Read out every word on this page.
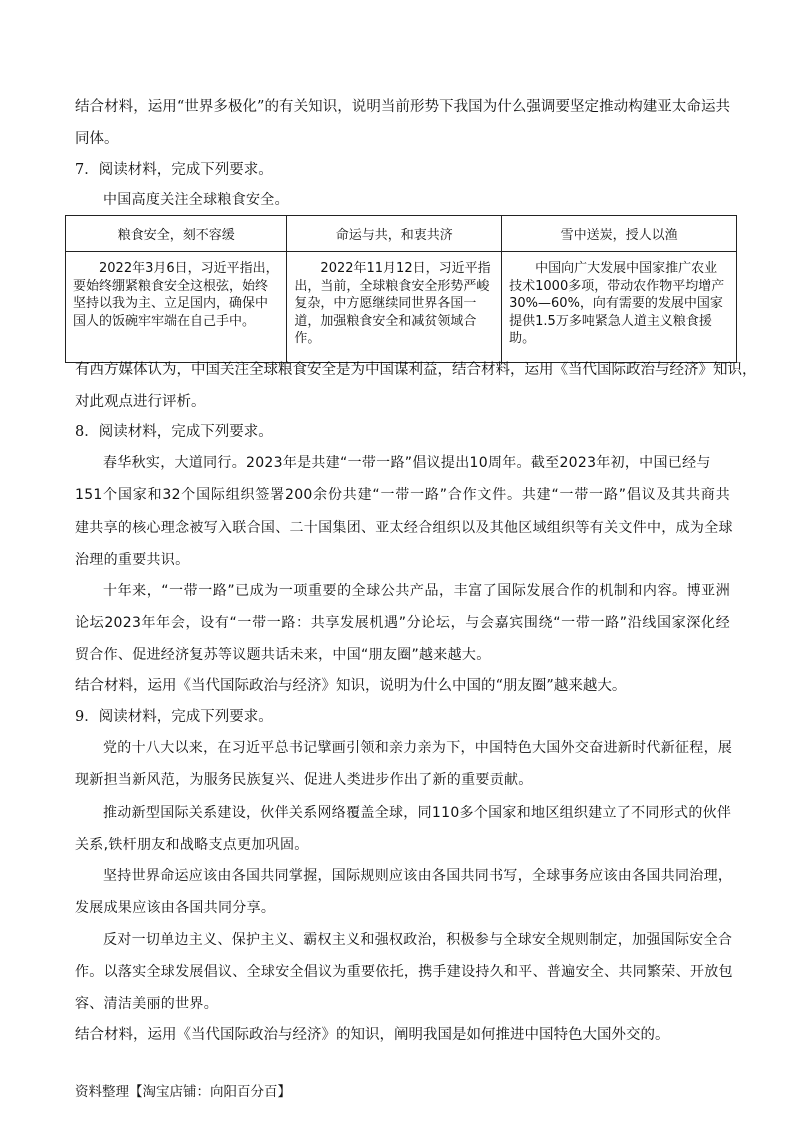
结合材料，运用“世界多极化”的有关知识，说明当前形势下我国为什么强调要坚定推动构建亚太命运共
同体。
7．阅读材料，完成下列要求。
中国高度关注全球粮食安全。
粮食安全，刻不容缓	命运与共，和衷共济	雪中送炭，授人以渔
2022年3月6日，习近平指出，要始终绷紧粮食安全这根弦，始终坚持以我为主、立足国内，确保中国人的饭碗牢牢端在自己手中。	2022年11月12日，习近平指出，当前，全球粮食安全形势严峻复杂，中方愿继续同世界各国一道，加强粮食安全和减贫领域合作。	中国向广大发展中国家推广农业技术1000多项，带动农作物平均增产30%—60%，向有需要的发展中国家提供1.5万多吨紧急人道主义粮食援助。
有西方媒体认为，中国关注全球粮食安全是为中国谋利益，结合材料，运用《当代国际政治与经济》知识，
对此观点进行评析。
8．阅读材料，完成下列要求。
春华秋实，大道同行。2023年是共建“一带一路”倡议提出10周年。截至2023年初，中国已经与
151个国家和32个国际组织签署200余份共建“一带一路”合作文件。共建“一带一路”倡议及其共商共
建共享的核心理念被写入联合国、二十国集团、亚太经合组织以及其他区域组织等有关文件中，成为全球
治理的重要共识。
十年来，“一带一路”已成为一项重要的全球公共产品，丰富了国际发展合作的机制和内容。博亚洲
论坛2023年年会，设有“一带一路：共享发展机遇”分论坛，与会嘉宾围绕“一带一路”沿线国家深化经
贸合作、促进经济复苏等议题共话未来，中国“朋友圈”越来越大。
结合材料，运用《当代国际政治与经济》知识，说明为什么中国的“朋友圈”越来越大。
9．阅读材料，完成下列要求。
党的十八大以来，在习近平总书记擘画引领和亲力亲为下，中国特色大国外交奋进新时代新征程，展
现新担当新风范，为服务民族复兴、促进人类进步作出了新的重要贡献。
推动新型国际关系建设，伙伴关系网络覆盖全球，同110多个国家和地区组织建立了不同形式的伙伴
关系,铁杆朋友和战略支点更加巩固。
坚持世界命运应该由各国共同掌握，国际规则应该由各国共同书写，全球事务应该由各国共同治理，
发展成果应该由各国共同分享。
反对一切单边主义、保护主义、霸权主义和强权政治，积极参与全球安全规则制定，加强国际安全合
作。以落实全球发展倡议、全球安全倡议为重要依托，携手建设持久和平、普遍安全、共同繁荣、开放包
容、清洁美丽的世界。
结合材料，运用《当代国际政治与经济》的知识，阐明我国是如何推进中国特色大国外交的。
资料整理【淘宝店铺：向阳百分百】
